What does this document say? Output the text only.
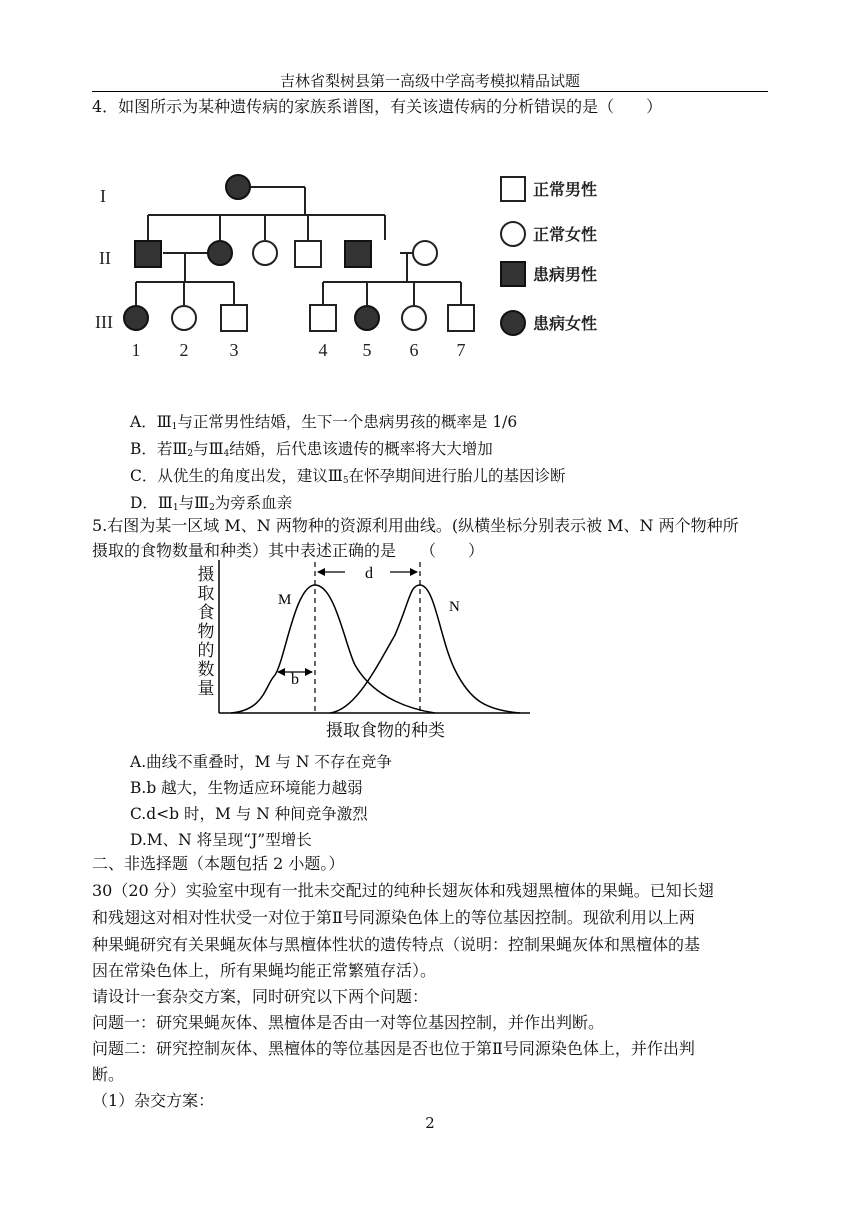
吉林省梨树县第一高级中学高考模拟精品试题
4．如图所示为某种遗传病的家族系谱图，有关该遗传病的分析错误的是（　　）
I
II
III
1 2 3	4 5 6 7
正常男性
正常女性
患病男性
患病女性
A．$Ⅲ_1$与正常男性结婚，生下一个患病男孩的概率是 1/6
B．若$Ⅲ_2$与$Ⅲ_4$结婚，后代患该遗传的概率将大大增加
C．从优生的角度出发，建议$Ⅲ_5$在怀孕期间进行胎儿的基因诊断
D．$Ⅲ_1$与$Ⅲ_2$为旁系血亲
5.右图为某一区域 M、N 两物种的资源利用曲线。(纵横坐标分别表示被 M、N 两个物种所
摄取的食物数量和种类）其中表述正确的是　　（　　）
摄取食物的数量
d
b
M	N
摄取食物的种类
A.曲线不重叠时，M 与 N 不存在竞争
B.b 越大，生物适应环境能力越弱
C.d<b 时，M 与 N 种间竞争激烈
D.M、N 将呈现“J”型增长
二、非选择题（本题包括 2 小题。）
30（20 分）实验室中现有一批未交配过的纯种长翅灰体和残翅黑檀体的果蝇。已知长翅
和残翅这对相对性状受一对位于第Ⅱ号同源染色体上的等位基因控制。现欲利用以上两
种果蝇研究有关果蝇灰体与黑檀体性状的遗传特点（说明：控制果蝇灰体和黑檀体的基
因在常染色体上，所有果蝇均能正常繁殖存活）。
请设计一套杂交方案，同时研究以下两个问题：
问题一：研究果蝇灰体、黑檀体是否由一对等位基因控制，并作出判断。
问题二：研究控制灰体、黑檀体的等位基因是否也位于第Ⅱ号同源染色体上，并作出判
断。
（1）杂交方案：
2
